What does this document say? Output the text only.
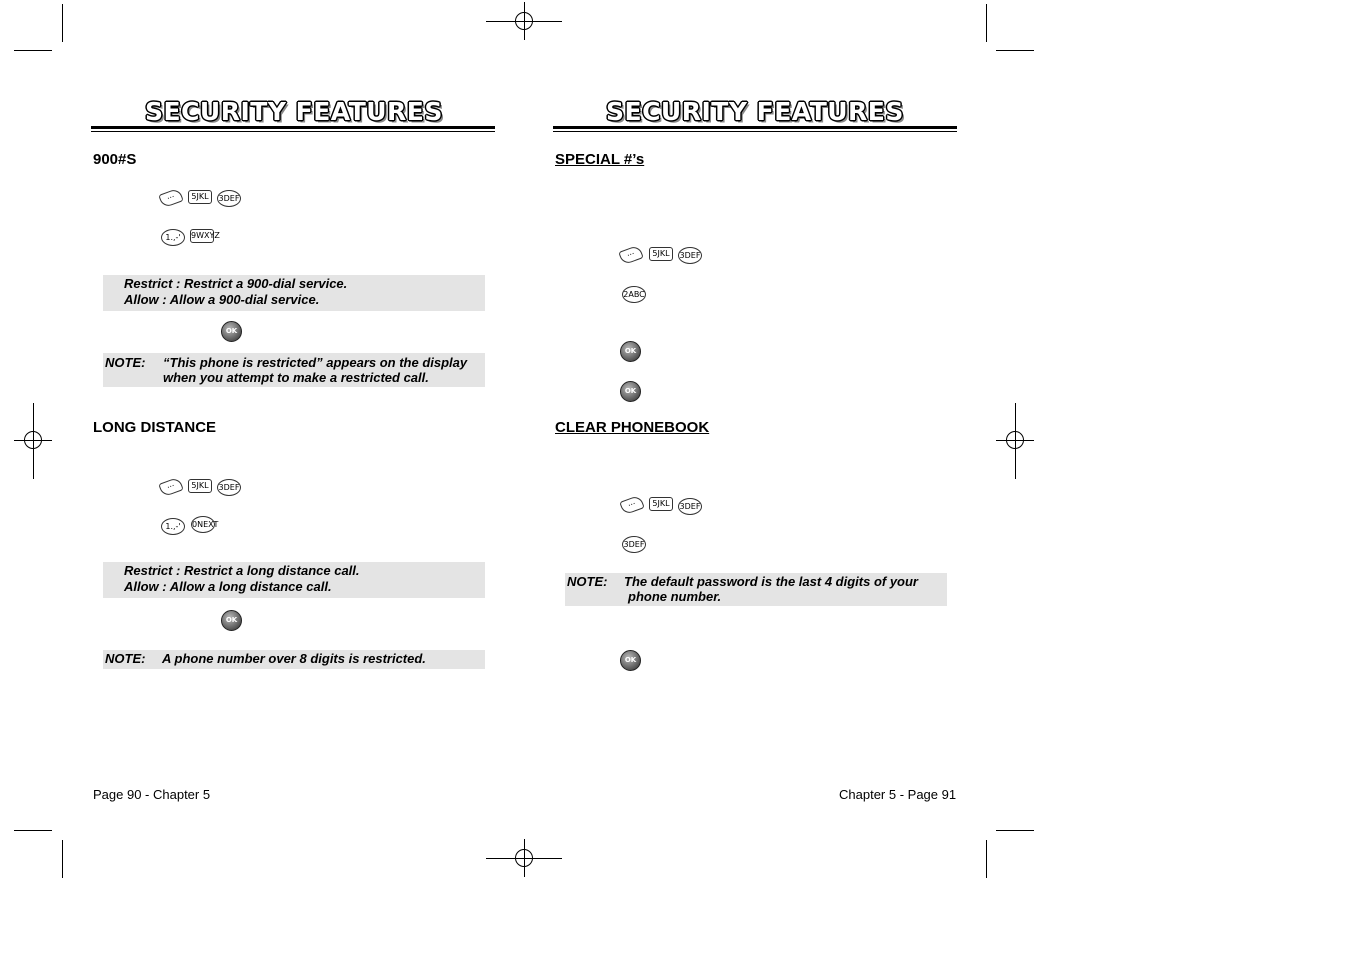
SECURITY FEATURES
900#S
···	5JKL	3DEF
1.,-'	9WXYZ
Restrict : Restrict a 900-dial service.
Allow : Allow a 900-dial service.
OK
NOTE: “This phone is restricted” appears on the display
when you attempt to make a restricted call.
LONG DISTANCE
···	5JKL	3DEF
1.,-'	0NEXT
Restrict : Restrict a long distance call.
Allow : Allow a long distance call.
OK
NOTE: A phone number over 8 digits is restricted.
Page 90 - Chapter 5
SECURITY FEATURES
SPECIAL #’s
···	5JKL	3DEF
2ABC
OK
OK
CLEAR PHONEBOOK
···	5JKL	3DEF
3DEF
NOTE: The default password is the last 4 digits of your
phone number.
OK
Chapter 5 - Page 91
